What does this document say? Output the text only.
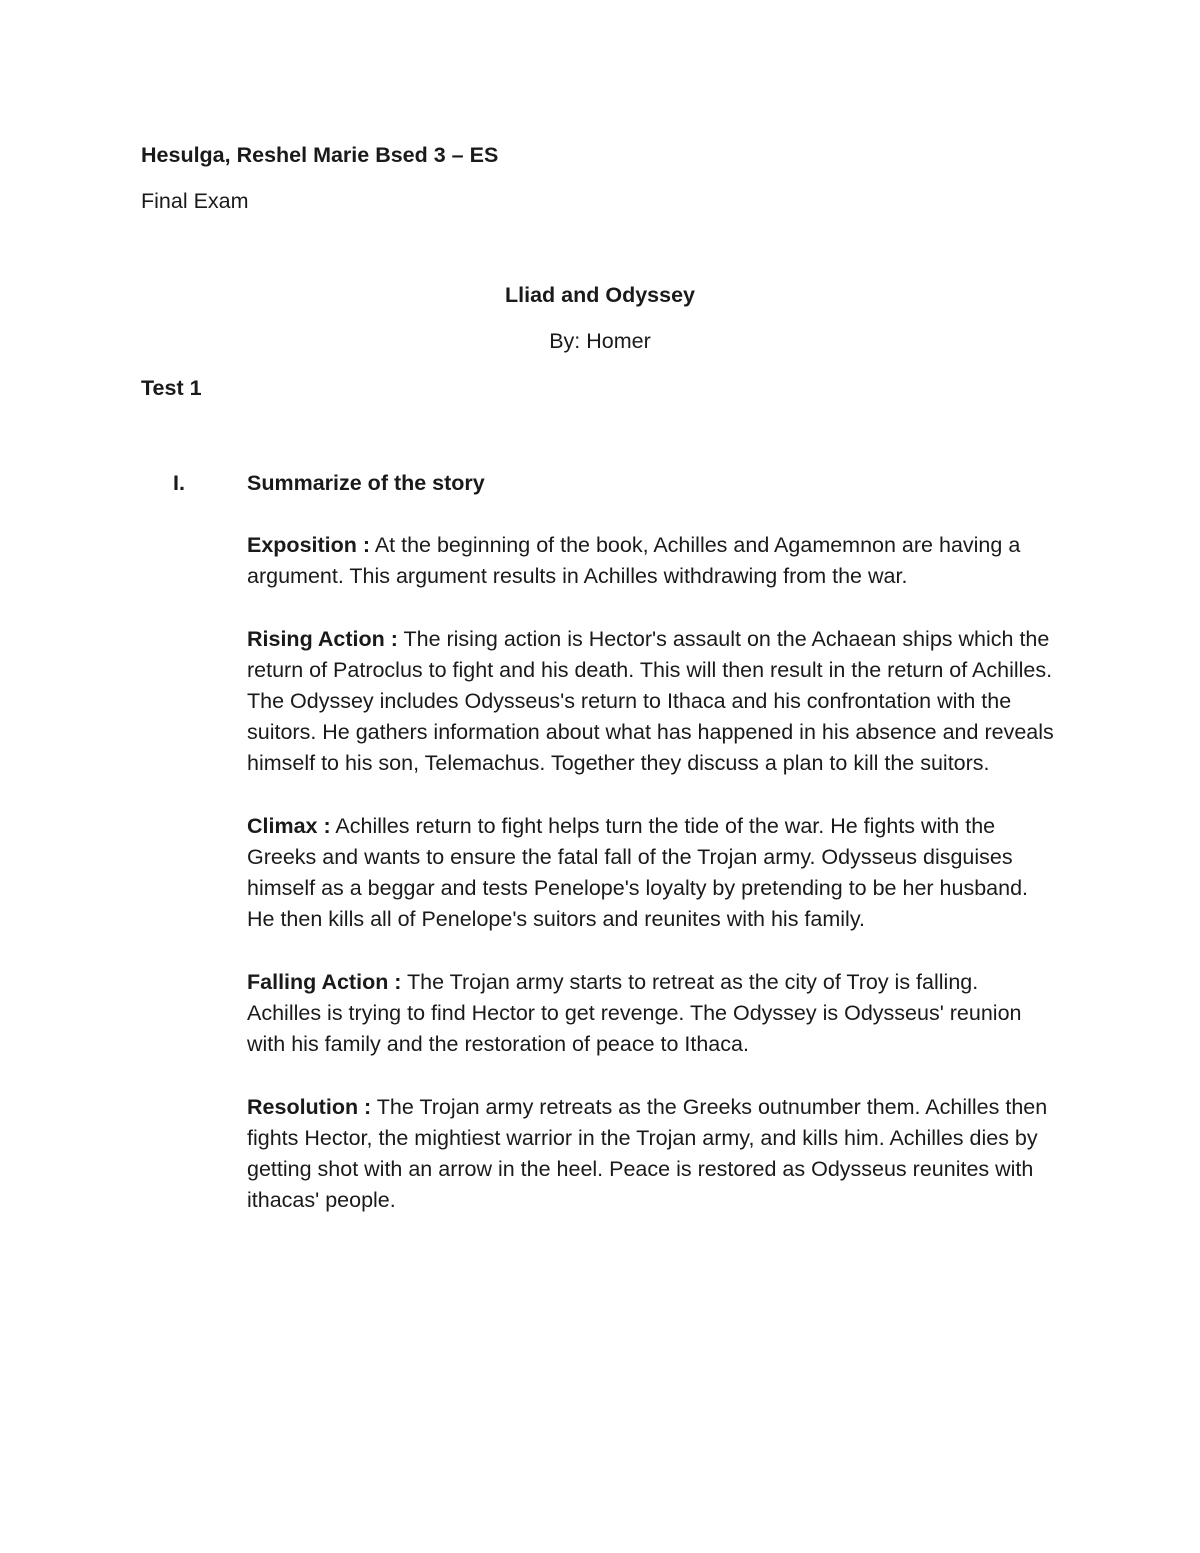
Hesulga, Reshel Marie Bsed 3 – ES
Final Exam
Lliad and Odyssey
By: Homer
Test 1
I.	Summarize of the story

Exposition : At the beginning of the book, Achilles and Agamemnon are having a argument. This argument results in Achilles withdrawing from the war.

Rising Action : The rising action is Hector's assault on the Achaean ships which the return of Patroclus to fight and his death. This will then result in the return of Achilles. The Odyssey includes Odysseus's return to Ithaca and his confrontation with the suitors. He gathers information about what has happened in his absence and reveals himself to his son, Telemachus. Together they discuss a plan to kill the suitors.

Climax : Achilles return to fight helps turn the tide of the war. He fights with the Greeks and wants to ensure the fatal fall of the Trojan army. Odysseus disguises himself as a beggar and tests Penelope's loyalty by pretending to be her husband. He then kills all of Penelope's suitors and reunites with his family.

Falling Action : The Trojan army starts to retreat as the city of Troy is falling. Achilles is trying to find Hector to get revenge. The Odyssey is Odysseus' reunion with his family and the restoration of peace to Ithaca.

Resolution : The Trojan army retreats as the Greeks outnumber them. Achilles then fights Hector, the mightiest warrior in the Trojan army, and kills him. Achilles dies by getting shot with an arrow in the heel. Peace is restored as Odysseus reunites with ithacas' people.
